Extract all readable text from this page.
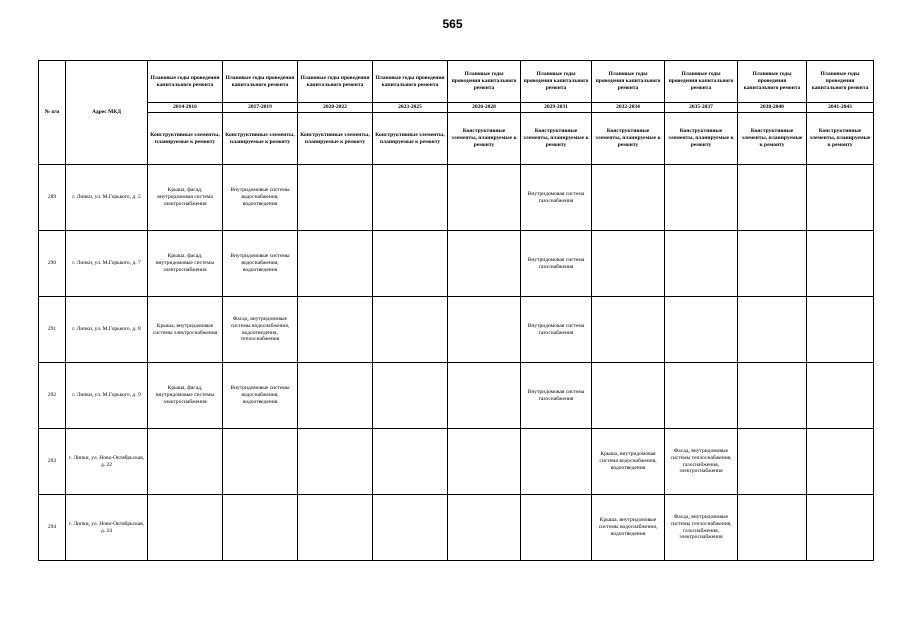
565
№ п/п	Адрес МКД	Плановые годы проведения капитального ремонта	Плановые годы проведения капитального ремонта	Плановые годы проведения капитального ремонта	Плановые годы проведения капитального ремонта	Плановые годы проведения капитального ремонта	Плановые годы проведения капитального ремонта	Плановые годы проведения капитального ремонта	Плановые годы проведения капитального ремонта	Плановые годы проведения капитального ремонта	Плановые годы проведения капитального ремонта
		2014-2016	2017-2019	2020-2022	2023-2025	2026-2028	2029-2031	2032-2034	2035-2037	2038-2040	2041-2043
		Конструктивные элементы, планируемые к ремонту	Конструктивные элементы, планируемые к ремонту	Конструктивные элементы, планируемые к ремонту	Конструктивные элементы, планируемые к ремонту	Конструктивные элементы, планируемые к ремонту	Конструктивные элементы, планируемые к ремонту	Конструктивные элементы, планируемые к ремонту	Конструктивные элементы, планируемые к ремонту	Конструктивные элементы, планируемые к ремонту	Конструктивные элементы, планируемые к ремонту
289	г. Липки, ул. М.Горького, д. 5	Крыша, фасад, внутридомовая система электроснабжения	Внутридомовые системы водоснабжения, водоотведения				Внутридомовая система газоснабжения				
290	г. Липки, ул. М.Горького, д. 7	Крыша, фасад, внутридомовые системы электроснабжения	Внутридомовые системы водоснабжения, водоотведения				Внутридомовая система газоснабжения				
291	г. Липки, ул. М.Горького, д. 8	Крыша, внутридомовые системы электроснабжения	Фасад, внутридомовые системы водоснабжения, водоотведения, теплоснабжения				Внутридомовая система газоснабжения				
292	г. Липки, ул. М.Горького, д. 9	Крыша, фасад, внутридомовые системы электроснабжения	Внутридомовые системы водоснабжения, водоотведения				Внутридомовая система газоснабжения				
293	г. Липки, ул. Ново-Октябрьская, д. 22							Крыша, внутридомовая система водоснабжения, водоотведения	Фасад, внутридомовые системы теплоснабжения, газоснабжения, электроснабжения		
294	г. Липки, ул. Ново-Октябрьская, д. 24							Крыша, внутридомовые системы водоснабжения, водоотведения	Фасад, внутридомовые системы теплоснабжения, газоснабжения, электроснабжения		
